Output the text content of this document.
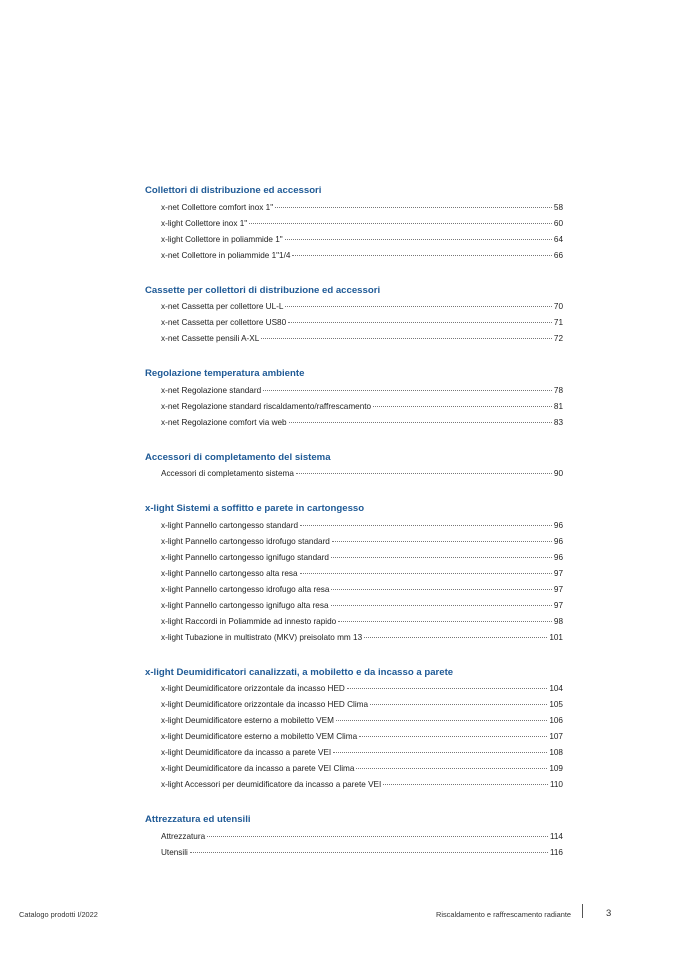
Collettori di distribuzione ed accessori
x-net Collettore comfort inox 1"	58
x-light Collettore inox 1"	60
x-light Collettore in poliammide 1"	64
x-net Collettore in poliammide 1"1/4	66
Cassette per collettori di distribuzione ed accessori
x-net Cassetta per collettore UL-L	70
x-net Cassetta per collettore US80	71
x-net Cassette pensili A-XL	72
Regolazione temperatura ambiente
x-net Regolazione standard	78
x-net Regolazione standard riscaldamento/raffrescamento	81
x-net Regolazione comfort via web	83
Accessori di completamento del sistema
Accessori di completamento sistema	90
x-light Sistemi a soffitto e parete in cartongesso
x-light Pannello cartongesso standard	96
x-light Pannello cartongesso idrofugo standard	96
x-light Pannello cartongesso ignifugo standard	96
x-light Pannello cartongesso alta resa	97
x-light Pannello cartongesso idrofugo alta resa	97
x-light Pannello cartongesso ignifugo alta resa	97
x-light Raccordi in Poliammide ad innesto rapido	98
x-light Tubazione in multistrato (MKV) preisolato mm 13	101
x-light Deumidificatori canalizzati, a mobiletto e da incasso a parete
x-light Deumidificatore orizzontale da incasso HED	104
x-light Deumidificatore orizzontale da incasso HED Clima	105
x-light Deumidificatore esterno a mobiletto VEM	106
x-light Deumidificatore esterno a mobiletto VEM Clima	107
x-light Deumidificatore da incasso a parete VEI	108
x-light Deumidificatore da incasso a parete VEI Clima	109
x-light Accessori per deumidificatore da incasso a parete VEI	110
Attrezzatura ed utensili
Attrezzatura	114
Utensili	116
Catalogo prodotti I/2022	Riscaldamento e raffrescamento radiante	3
